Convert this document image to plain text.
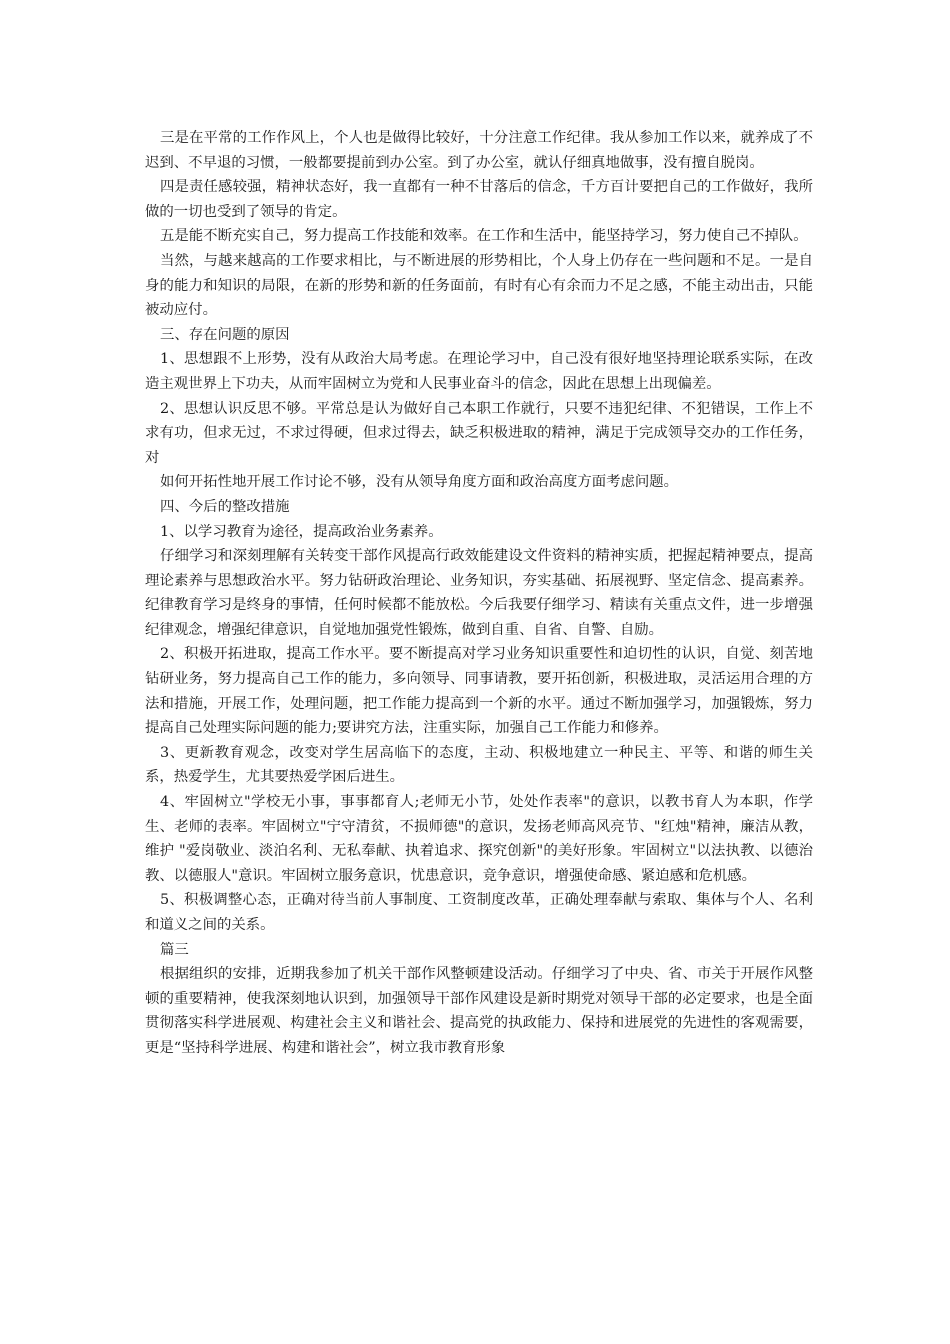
三是在平常的工作作风上，个人也是做得比较好，十分注意工作纪律。我从参加工作以来，就养成了不迟到、不早退的习惯，一般都要提前到办公室。到了办公室，就认仔细真地做事，没有擅自脱岗。

四是责任感较强，精神状态好，我一直都有一种不甘落后的信念，千方百计要把自己的工作做好，我所做的一切也受到了领导的肯定。

五是能不断充实自己，努力提高工作技能和效率。在工作和生活中，能坚持学习，努力使自己不掉队。

当然，与越来越高的工作要求相比，与不断进展的形势相比，个人身上仍存在一些问题和不足。一是自身的能力和知识的局限，在新的形势和新的任务面前，有时有心有余而力不足之感，不能主动出击，只能被动应付。

三、存在问题的原因

1、思想跟不上形势，没有从政治大局考虑。在理论学习中，自己没有很好地坚持理论联系实际，在改造主观世界上下功夫，从而牢固树立为党和人民事业奋斗的信念，因此在思想上出现偏差。

2、思想认识反思不够。平常总是认为做好自己本职工作就行，只要不违犯纪律、不犯错误，工作上不求有功，但求无过，不求过得硬，但求过得去，缺乏积极进取的精神，满足于完成领导交办的工作任务，对

如何开拓性地开展工作讨论不够，没有从领导角度方面和政治高度方面考虑问题。

四、今后的整改措施

1、以学习教育为途径，提高政治业务素养。

仔细学习和深刻理解有关转变干部作风提高行政效能建设文件资料的精神实质，把握起精神要点，提高理论素养与思想政治水平。努力钻研政治理论、业务知识，夯实基础、拓展视野、坚定信念、提高素养。纪律教育学习是终身的事情，任何时候都不能放松。今后我要仔细学习、精读有关重点文件，进一步增强纪律观念，增强纪律意识，自觉地加强党性锻炼，做到自重、自省、自警、自励。

2、积极开拓进取，提高工作水平。要不断提高对学习业务知识重要性和迫切性的认识，自觉、刻苦地钻研业务，努力提高自己工作的能力，多向领导、同事请教，要开拓创新，积极进取，灵活运用合理的方法和措施，开展工作，处理问题，把工作能力提高到一个新的水平。通过不断加强学习，加强锻炼，努力提高自己处理实际问题的能力;要讲究方法，注重实际，加强自己工作能力和修养。

3、更新教育观念，改变对学生居高临下的态度，主动、积极地建立一种民主、平等、和谐的师生关系，热爱学生，尤其要热爱学困后进生。

4、牢固树立"学校无小事，事事都育人;老师无小节，处处作表率"的意识，以教书育人为本职，作学生、老师的表率。牢固树立"宁守清贫，不损师德"的意识，发扬老师高风亮节、"红烛"精神，廉洁从教，维护 "爱岗敬业、淡泊名利、无私奉献、执着追求、探究创新"的美好形象。牢固树立"以法执教、以德治教、以德服人"意识。牢固树立服务意识，忧患意识，竞争意识，增强使命感、紧迫感和危机感。

5、积极调整心态，正确对待当前人事制度、工资制度改革，正确处理奉献与索取、集体与个人、名利和道义之间的关系。

篇三

根据组织的安排，近期我参加了机关干部作风整顿建设活动。仔细学习了中央、省、市关于开展作风整顿的重要精神，使我深刻地认识到，加强领导干部作风建设是新时期党对领导干部的必定要求，也是全面贯彻落实科学进展观、构建社会主义和谐社会、提高党的执政能力、保持和进展党的先进性的客观需要，更是“坚持科学进展、构建和谐社会”，树立我市教育形象
